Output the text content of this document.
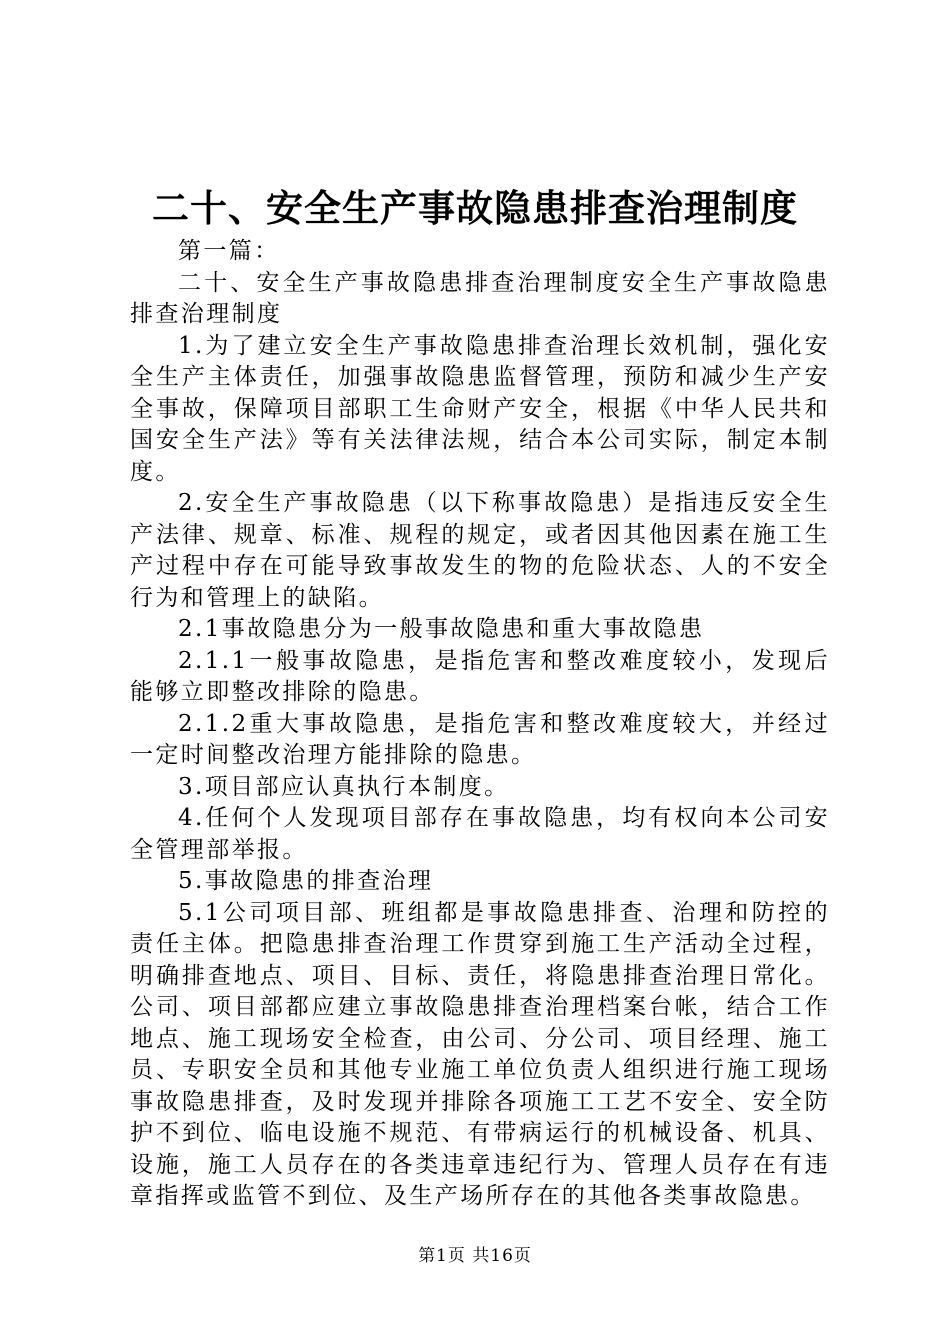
二十、安全生产事故隐患排查治理制度

第一篇：

二十、安全生产事故隐患排查治理制度安全生产事故隐患排查治理制度

1.为了建立安全生产事故隐患排查治理长效机制，强化安全生产主体责任，加强事故隐患监督管理，预防和减少生产安全事故，保障项目部职工生命财产安全，根据《中华人民共和国安全生产法》等有关法律法规，结合本公司实际，制定本制度。

2.安全生产事故隐患（以下称事故隐患）是指违反安全生产法律、规章、标准、规程的规定，或者因其他因素在施工生产过程中存在可能导致事故发生的物的危险状态、人的不安全行为和管理上的缺陷。

2.1事故隐患分为一般事故隐患和重大事故隐患

2.1.1一般事故隐患，是指危害和整改难度较小，发现后能够立即整改排除的隐患。

2.1.2重大事故隐患，是指危害和整改难度较大，并经过一定时间整改治理方能排除的隐患。

3.项目部应认真执行本制度。

4.任何个人发现项目部存在事故隐患，均有权向本公司安全管理部举报。

5.事故隐患的排查治理

5.1公司项目部、班组都是事故隐患排查、治理和防控的责任主体。把隐患排查治理工作贯穿到施工生产活动全过程，明确排查地点、项目、目标、责任，将隐患排查治理日常化。公司、项目部都应建立事故隐患排查治理档案台帐，结合工作地点、施工现场安全检查，由公司、分公司、项目经理、施工员、专职安全员和其他专业施工单位负责人组织进行施工现场事故隐患排查，及时发现并排除各项施工工艺不安全、安全防护不到位、临电设施不规范、有带病运行的机械设备、机具、设施，施工人员存在的各类违章违纪行为、管理人员存在有违章指挥或监管不到位、及生产场所存在的其他各类事故隐患。

第1页 共16页
